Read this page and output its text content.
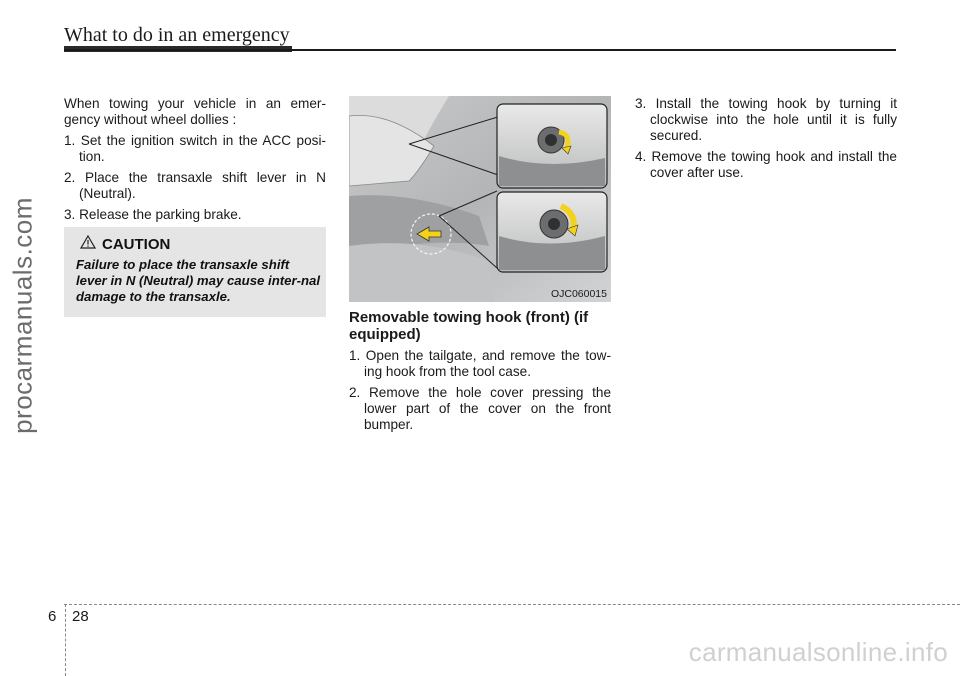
What to do in an emergency
procarmanuals.com

When towing your vehicle in an emer-gency without wheel dollies :

1. Set the ignition switch in the ACC posi-tion.
2. Place the transaxle shift lever in N (Neutral).
3. Release the parking brake.
CAUTION
Failure to place the transaxle shift lever in N (Neutral) may cause inter-nal damage to the transaxle.	OJC060015
Removable towing hook (front) (if equipped)
1. Open the tailgate, and remove the tow-ing hook from the tool case.
2. Remove the hole cover pressing the lower part of the cover on the front bumper.
3. Install the towing hook by turning it clockwise into the hole until it is fully secured.
4. Remove the towing hook and install the cover after use.
6 28
carmanualsonline.info
